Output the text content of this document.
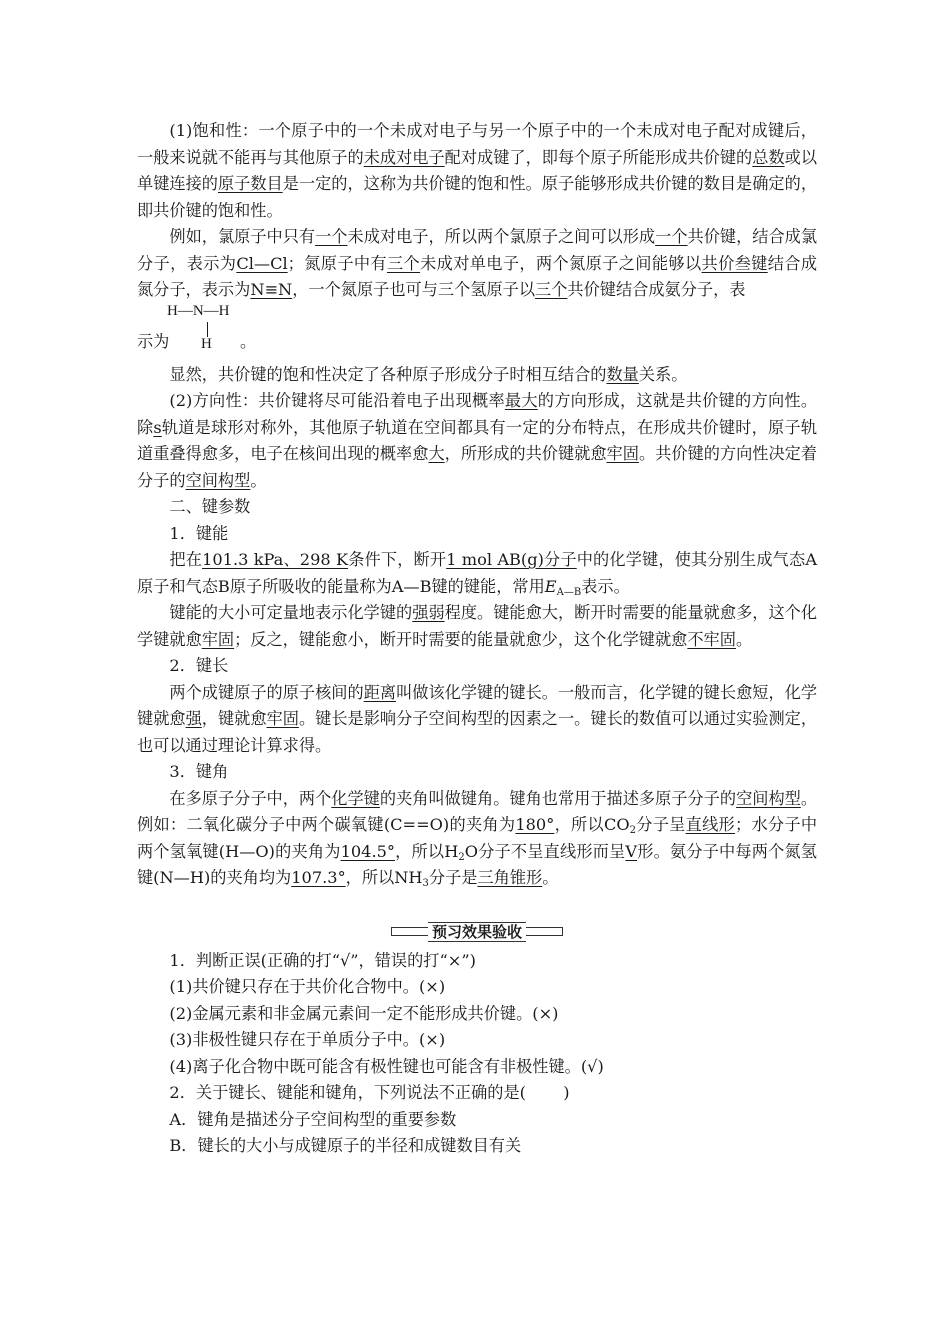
(1)饱和性：一个原子中的一个未成对电子与另一个原子中的一个未成对电子配对成键后，一般来说就不能再与其他原子的未成对电子配对成键了，即每个原子所能形成共价键的总数或以单键连接的原子数目是一定的，这称为共价键的饱和性。原子能够形成共价键的数目是确定的，即共价键的饱和性。

例如，氯原子中只有一个未成对电子，所以两个氯原子之间可以形成一个共价键，结合成氯分子，表示为Cl—Cl；氮原子中有三个未成对单电子，两个氮原子之间能够以共价叁键结合成氮分子，表示为N≡N，一个氮原子也可与三个氢原子以三个共价键结合成氨分子，表

示为
H—N—H
H 。

显然，共价键的饱和性决定了各种原子形成分子时相互结合的数量关系。

(2)方向性：共价键将尽可能沿着电子出现概率最大的方向形成，这就是共价键的方向性。除s轨道是球形对称外，其他原子轨道在空间都具有一定的分布特点，在形成共价键时，原子轨道重叠得愈多，电子在核间出现的概率愈大，所形成的共价键就愈牢固。共价键的方向性决定着分子的空间构型。

二、键参数

1．键能

把在101.3 kPa、298 K条件下，断开1 mol AB(g)分子中的化学键，使其分别生成气态A原子和气态B原子所吸收的能量称为A—B键的键能，常用$E_{A—B}$表示。

键能的大小可定量地表示化学键的强弱程度。键能愈大，断开时需要的能量就愈多，这个化学键就愈牢固；反之，键能愈小，断开时需要的能量就愈少，这个化学键就愈不牢固。

2．键长

两个成键原子的原子核间的距离叫做该化学键的键长。一般而言，化学键的键长愈短，化学键就愈强，键就愈牢固。键长是影响分子空间构型的因素之一。键长的数值可以通过实验测定，也可以通过理论计算求得。

3．键角

在多原子分子中，两个化学键的夹角叫做键角。键角也常用于描述多原子分子的空间构型。例如：二氧化碳分子中两个碳氧键(C==O)的夹角为180°，所以$CO_2$分子呈直线形；水分子中两个氢氧键(H—O)的夹角为104.5°，所以$H_2O$分子不呈直线形而呈V形。氨分子中每两个氮氢键(N—H)的夹角均为107.3°，所以$NH_3$分子是三角锥形。

预习效果验收

1．判断正误(正确的打“√”，错误的打“×”)

(1)共价键只存在于共价化合物中。(×)

(2)金属元素和非金属元素间一定不能形成共价键。(×)

(3)非极性键只存在于单质分子中。(×)

(4)离子化合物中既可能含有极性键也可能含有非极性键。(√)

2．关于键长、键能和键角，下列说法不正确的是( )

A．键角是描述分子空间构型的重要参数

B．键长的大小与成键原子的半径和成键数目有关
